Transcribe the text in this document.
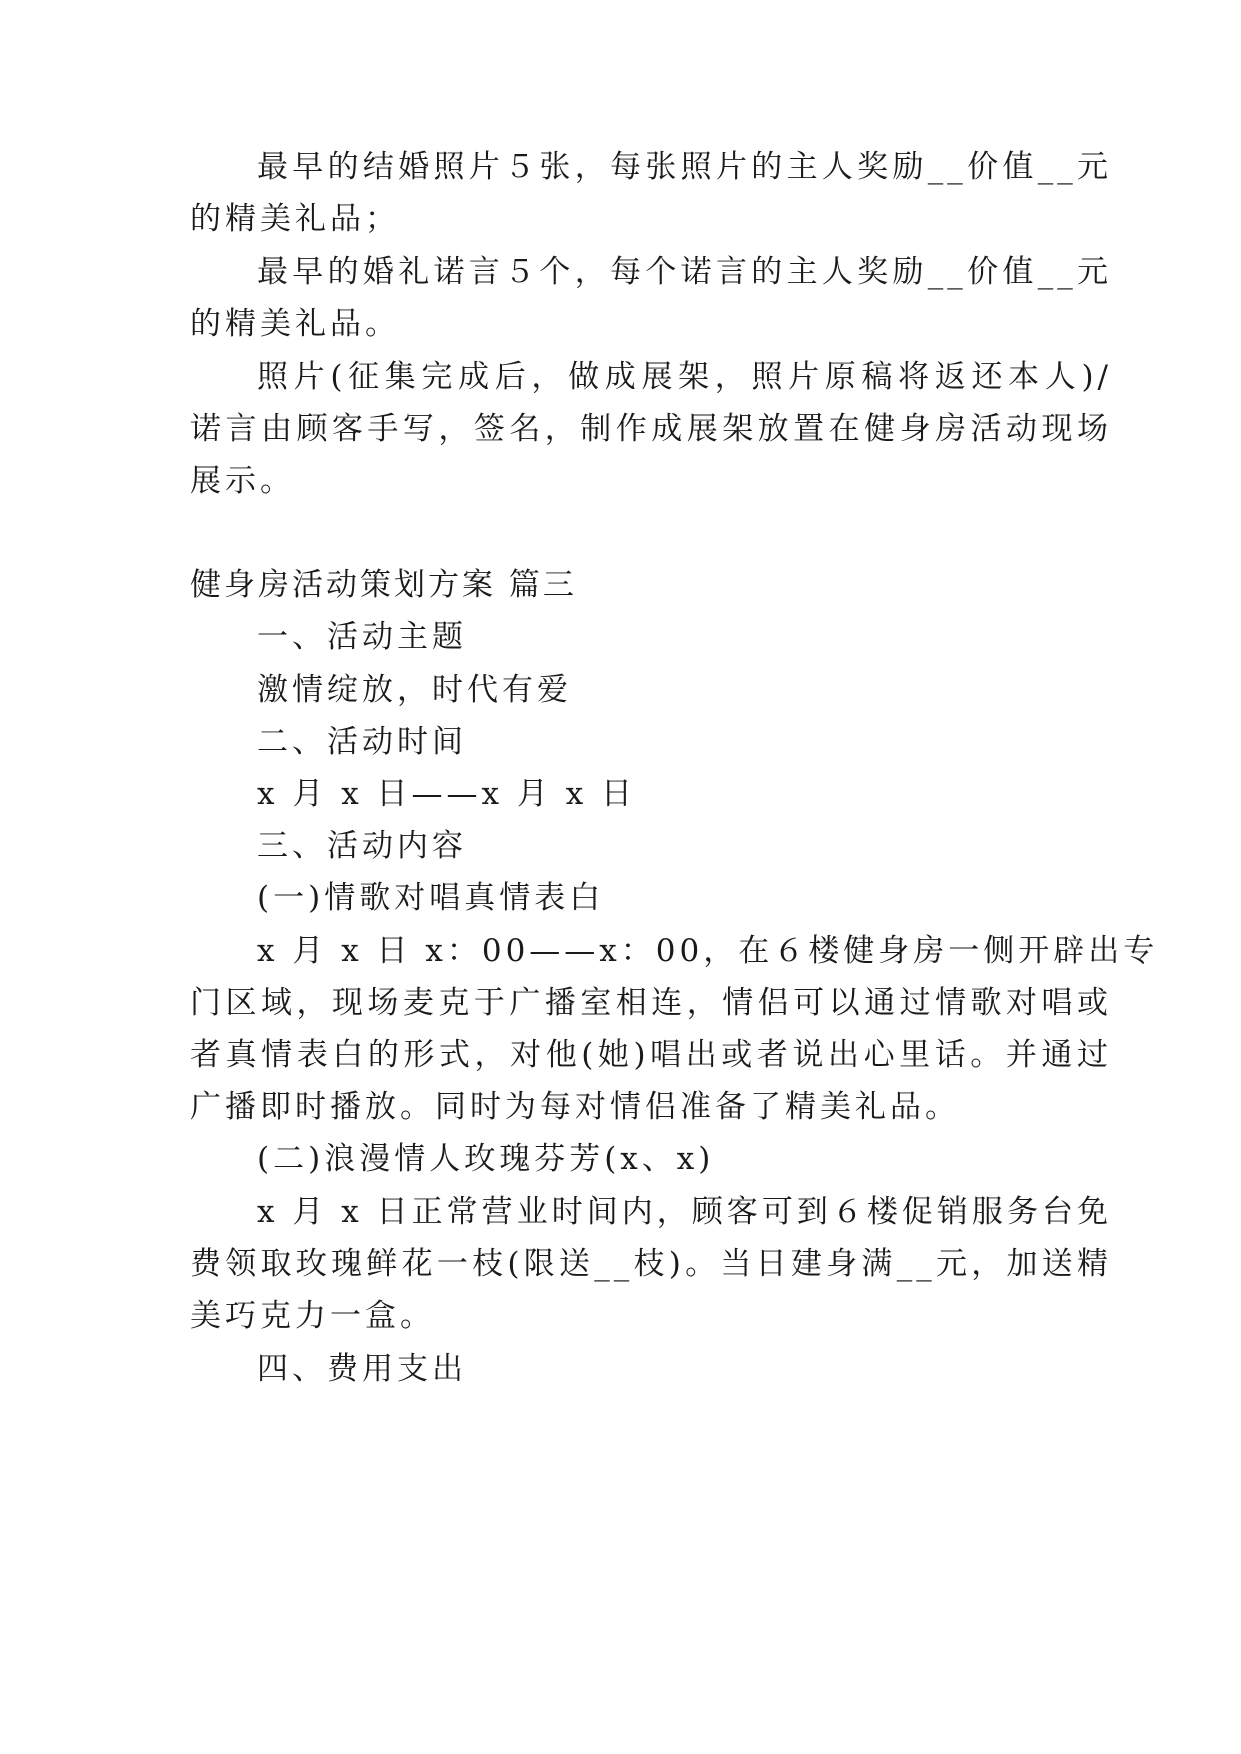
最早的结婚照片５张，每张照片的主人奖励__价值__元
的精美礼品；
最早的婚礼诺言５个，每个诺言的主人奖励__价值__元
的精美礼品。
照片(征集完成后，做成展架，照片原稿将返还本人)/
诺言由顾客手写，签名，制作成展架放置在健身房活动现场
展示。
健身房活动策划方案 篇三
一、活动主题
激情绽放，时代有爱
二、活动时间
x 月 x 日——x 月 x 日
三、活动内容
(一)情歌对唱真情表白
x 月 x 日 x：00——x：00，在６楼健身房一侧开辟出专
门区域，现场麦克于广播室相连，情侣可以通过情歌对唱或
者真情表白的形式，对他(她)唱出或者说出心里话。并通过
广播即时播放。同时为每对情侣准备了精美礼品。
(二)浪漫情人玫瑰芬芳(x、x)
x 月 x 日正常营业时间内，顾客可到６楼促销服务台免
费领取玫瑰鲜花一枝(限送__枝)。当日建身满__元，加送精
美巧克力一盒。
四、费用支出
